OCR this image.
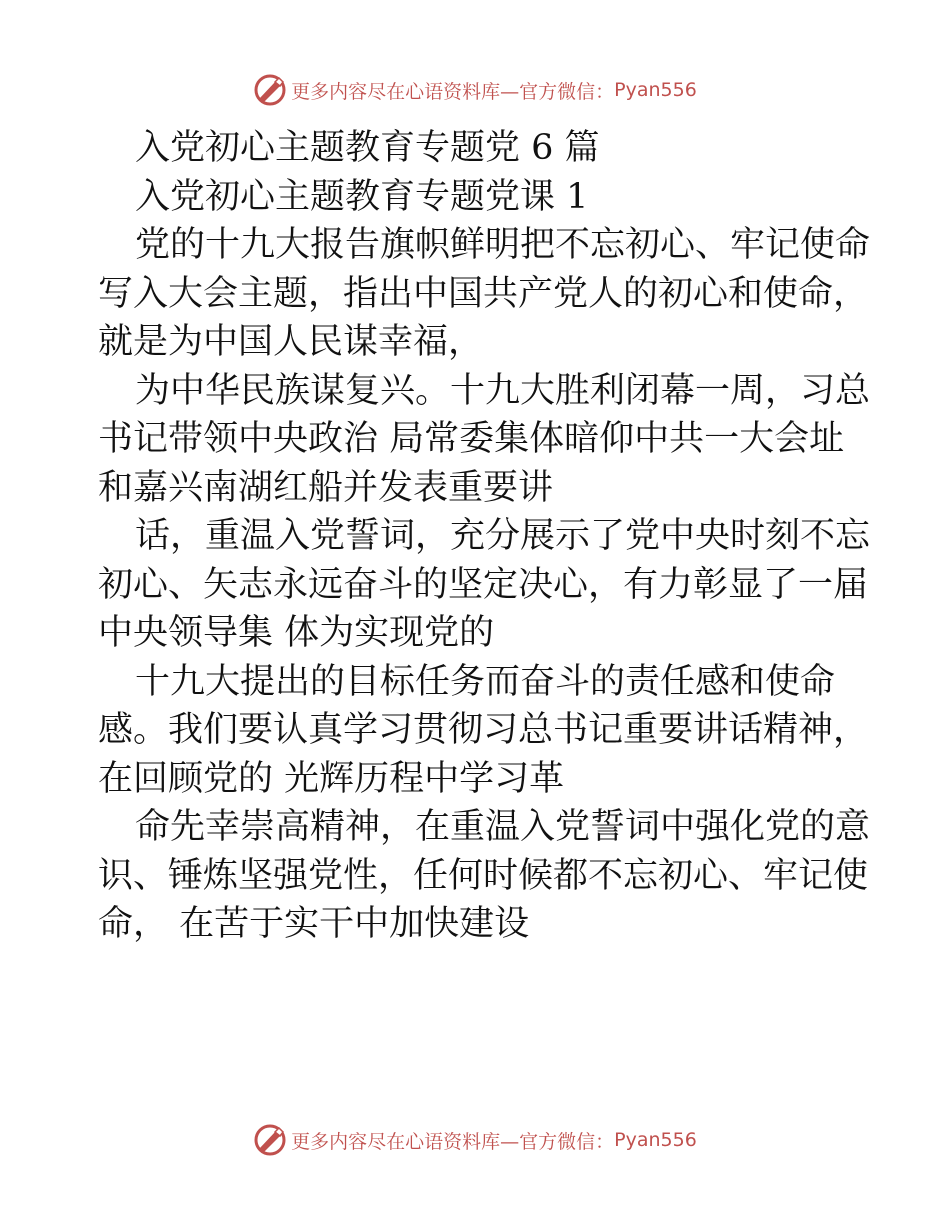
更多内容尽在心语资料库—官方微信： Pyan556
入党初心主题教育专题党 6 篇
入党初心主题教育专题党课 1
党的十九大报告旗帜鲜明把不忘初心、牢记使命
写入大会主题，指出中国共产党人的初心和使命，
就是为中国人民谋幸福，
为中华民族谋复兴。十九大胜利闭幕一周，习总
书记带领中央政治 局常委集体暗仰中共一大会址
和嘉兴南湖红船并发表重要讲
话，重温入党誓词，充分展示了党中央时刻不忘
初心、矢志永远奋斗的坚定决心，有力彰显了一届
中央领导集 体为实现党的
十九大提出的目标任务而奋斗的责任感和使命
感。我们要认真学习贯彻习总书记重要讲话精神，
在回顾党的 光辉历程中学习革
命先幸崇高精神，在重温入党誓词中强化党的意
识、锤炼坚强党性，任何时候都不忘初心、牢记使
命， 在苦于实干中加快建设
更多内容尽在心语资料库—官方微信： Pyan556
